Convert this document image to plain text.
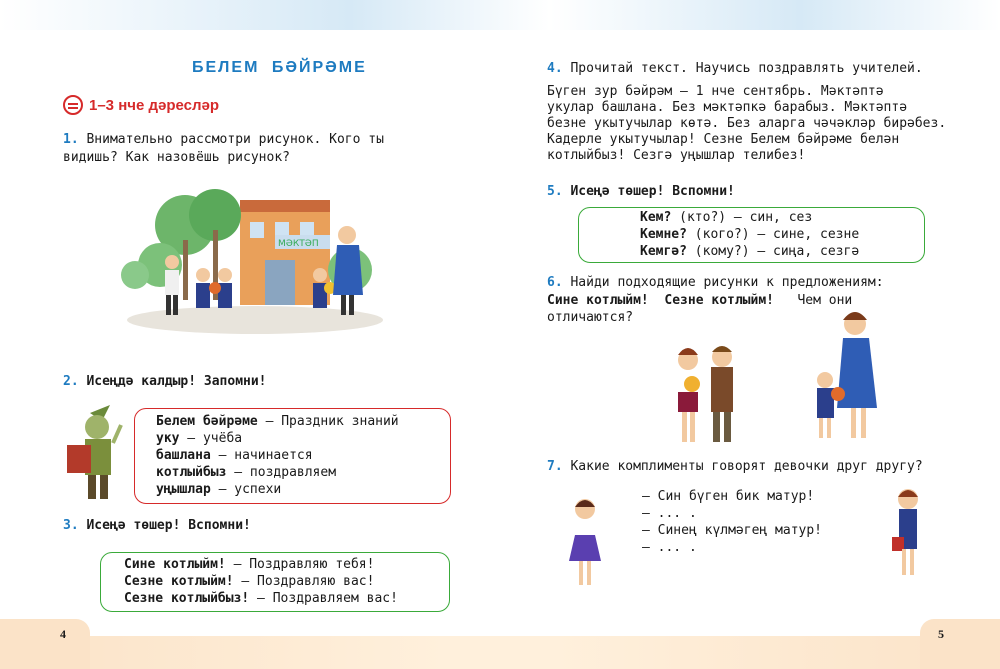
4	5
БЕЛЕМ БӘЙРӘМЕ
1–3 нче дәресләр
1. Внимательно рассмотри рисунок. Кого ты
видишь? Как назовёшь рисунок?
МӘКТӘП
2. Исеңдә калдыр! Запомни!
Белем бәйрәме – Праздник знаний
уку – учёба
башлана – начинается
котлыйбыз – поздравляем
уңышлар – успехи
3. Исеңә төшер! Вспомни!
Сине котлыйм! – Поздравляю тебя!
Сезне котлыйм! – Поздравляю вас!
Сезне котлыйбыз! – Поздравляем вас!
4. Прочитай текст. Научись поздравлять учителей.
Бүген зур бәйрәм – 1 нче сентябрь. Мәктәптә
укулар башлана. Без мәктәпкә барабыз. Мәктәптә
безне укытучылар көтә. Без аларга чәчәкләр бирәбез.
Кадерле укытучылар! Сезне Белем бәйрәме белән
котлыйбыз! Сезгә уңышлар телибез!
5. Исеңә төшер! Вспомни!
Кем? (кто?) – син, сез
Кемне? (кого?) – сине, сезне
Кемгә? (кому?) – сиңа, сезгә
6. Найди подходящие рисунки к предложениям:
Сине котлыйм! Сезне котлыйм! Чем они
отличаются?
7. Какие комплименты говорят девочки друг другу?
– Син бүген бик матур!
– ... .
– Синең күлмәгең матур!
– ... .
